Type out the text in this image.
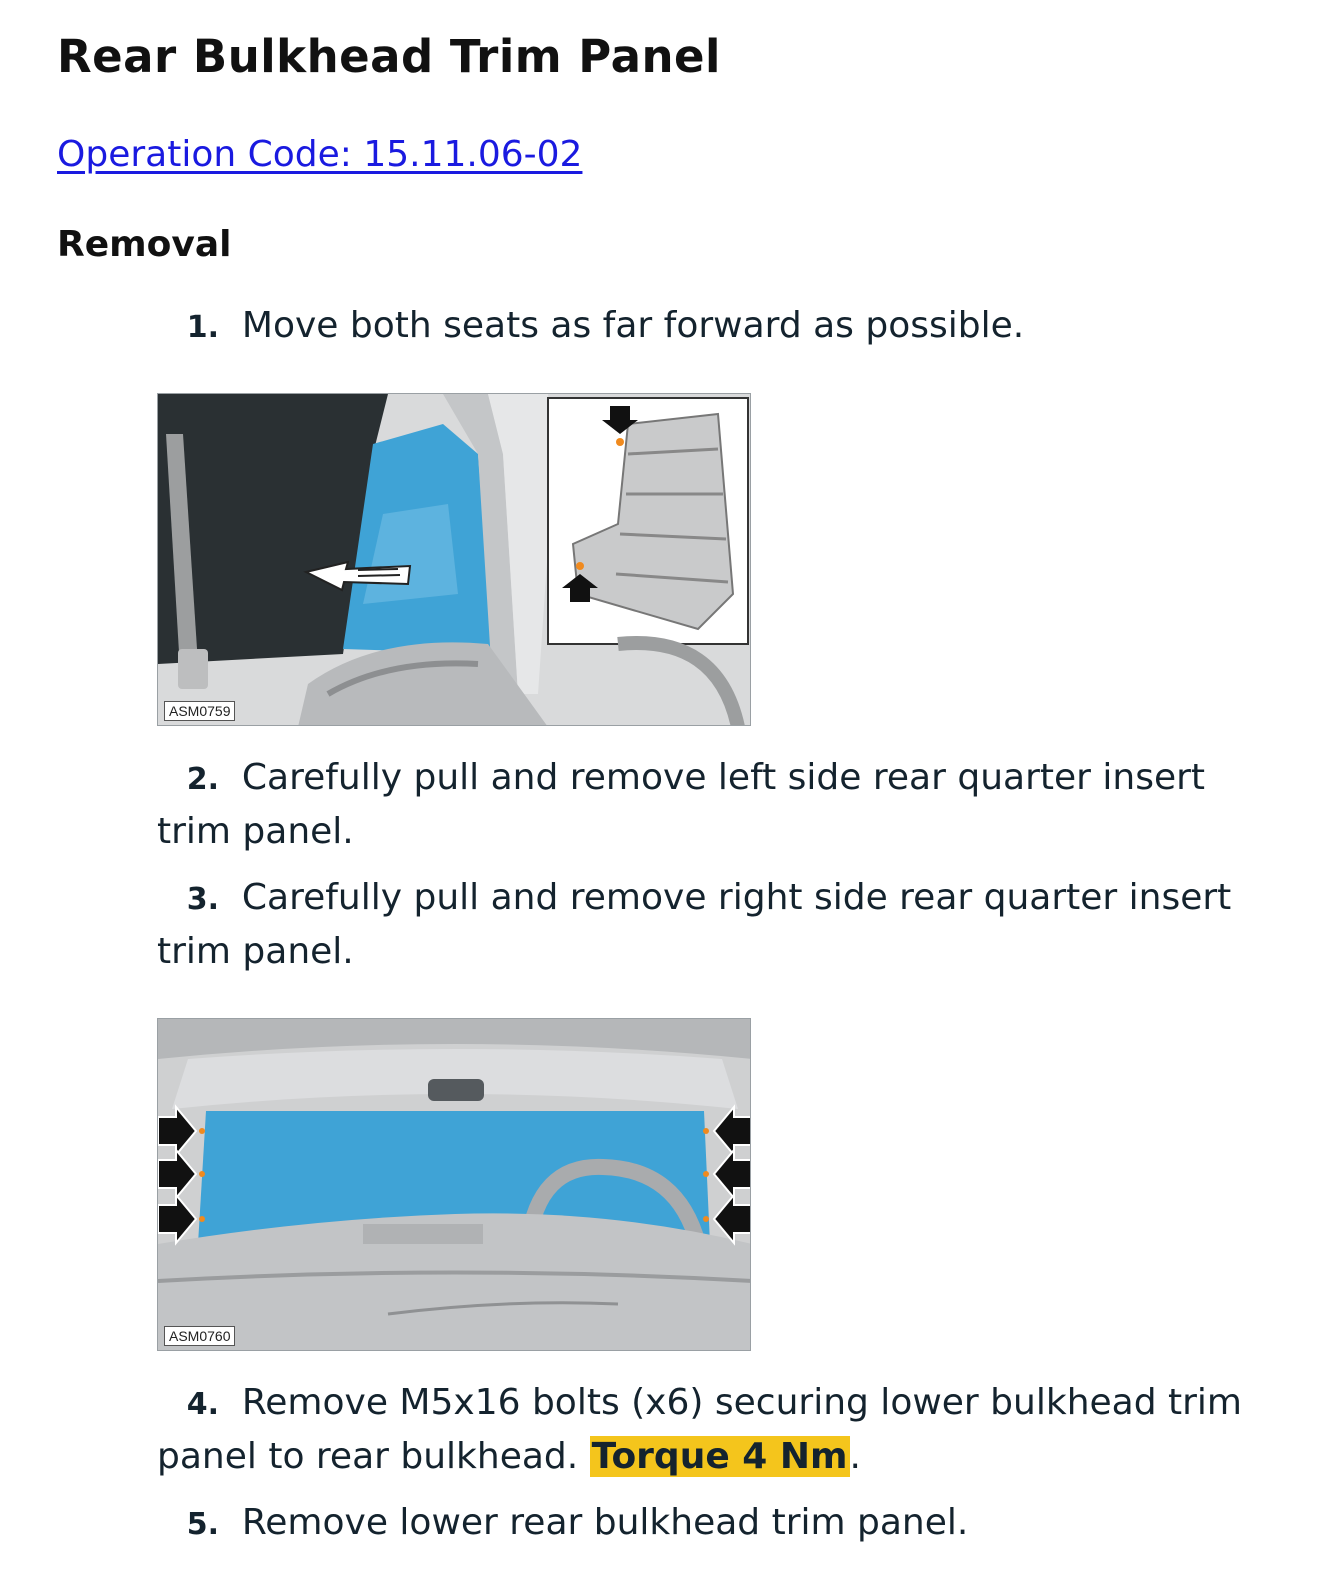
Rear Bulkhead Trim Panel
Operation Code: 15.11.06-02
Removal
1. Move both seats as far forward as possible.
ASM0759
2. Carefully pull and remove left side rear quarter insert trim panel.
3. Carefully pull and remove right side rear quarter insert trim panel.
ASM0760
4. Remove M5x16 bolts (x6) securing lower bulkhead trim panel to rear bulkhead. Torque 4 Nm.
5. Remove lower rear bulkhead trim panel.
